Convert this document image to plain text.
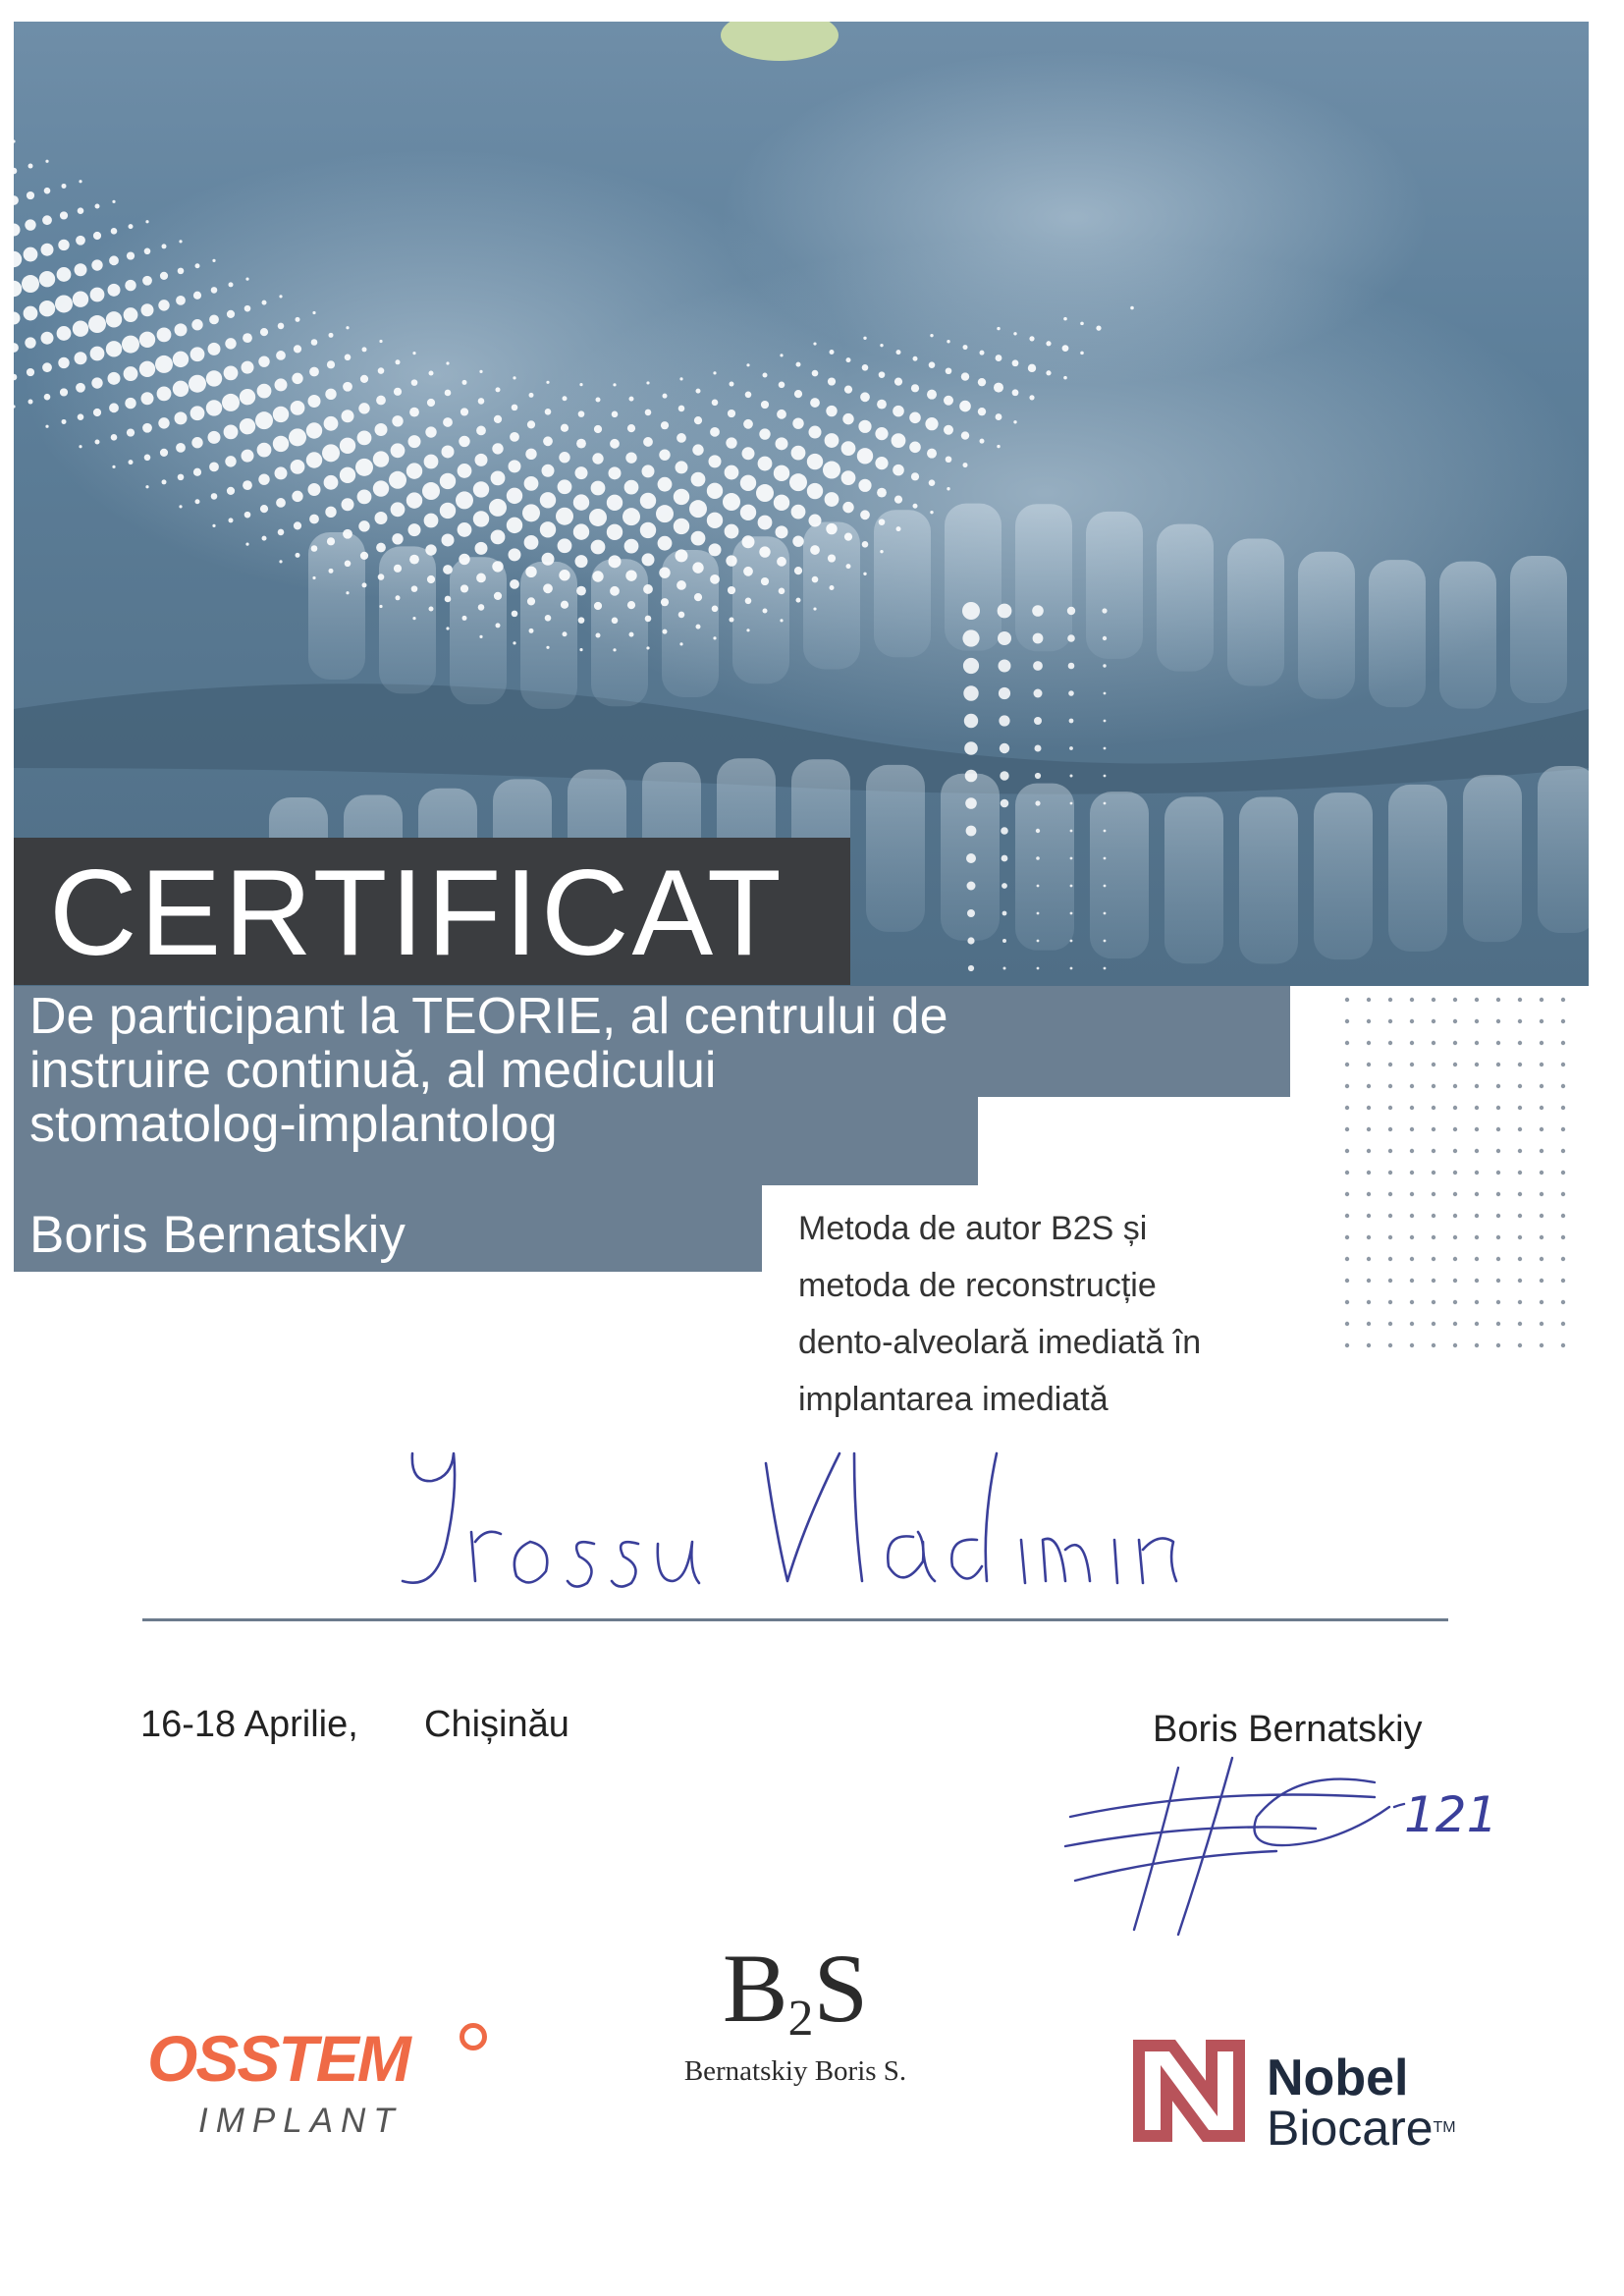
CERTIFICAT
De participant la TEORIE, al centrului de
instruire continuă, al medicului
stomatolog-implantolog
Boris Bernatskiy	Metoda de autor B2S și
metoda de reconstrucție
dento-alveolară imediată în
implantarea imediată
16-18 Aprilie, Chișinău	Boris Bernatskiy
121
OSSTEM
IMPLANT
B2S
Bernatskiy Boris S.	Nobel
Biocare™
